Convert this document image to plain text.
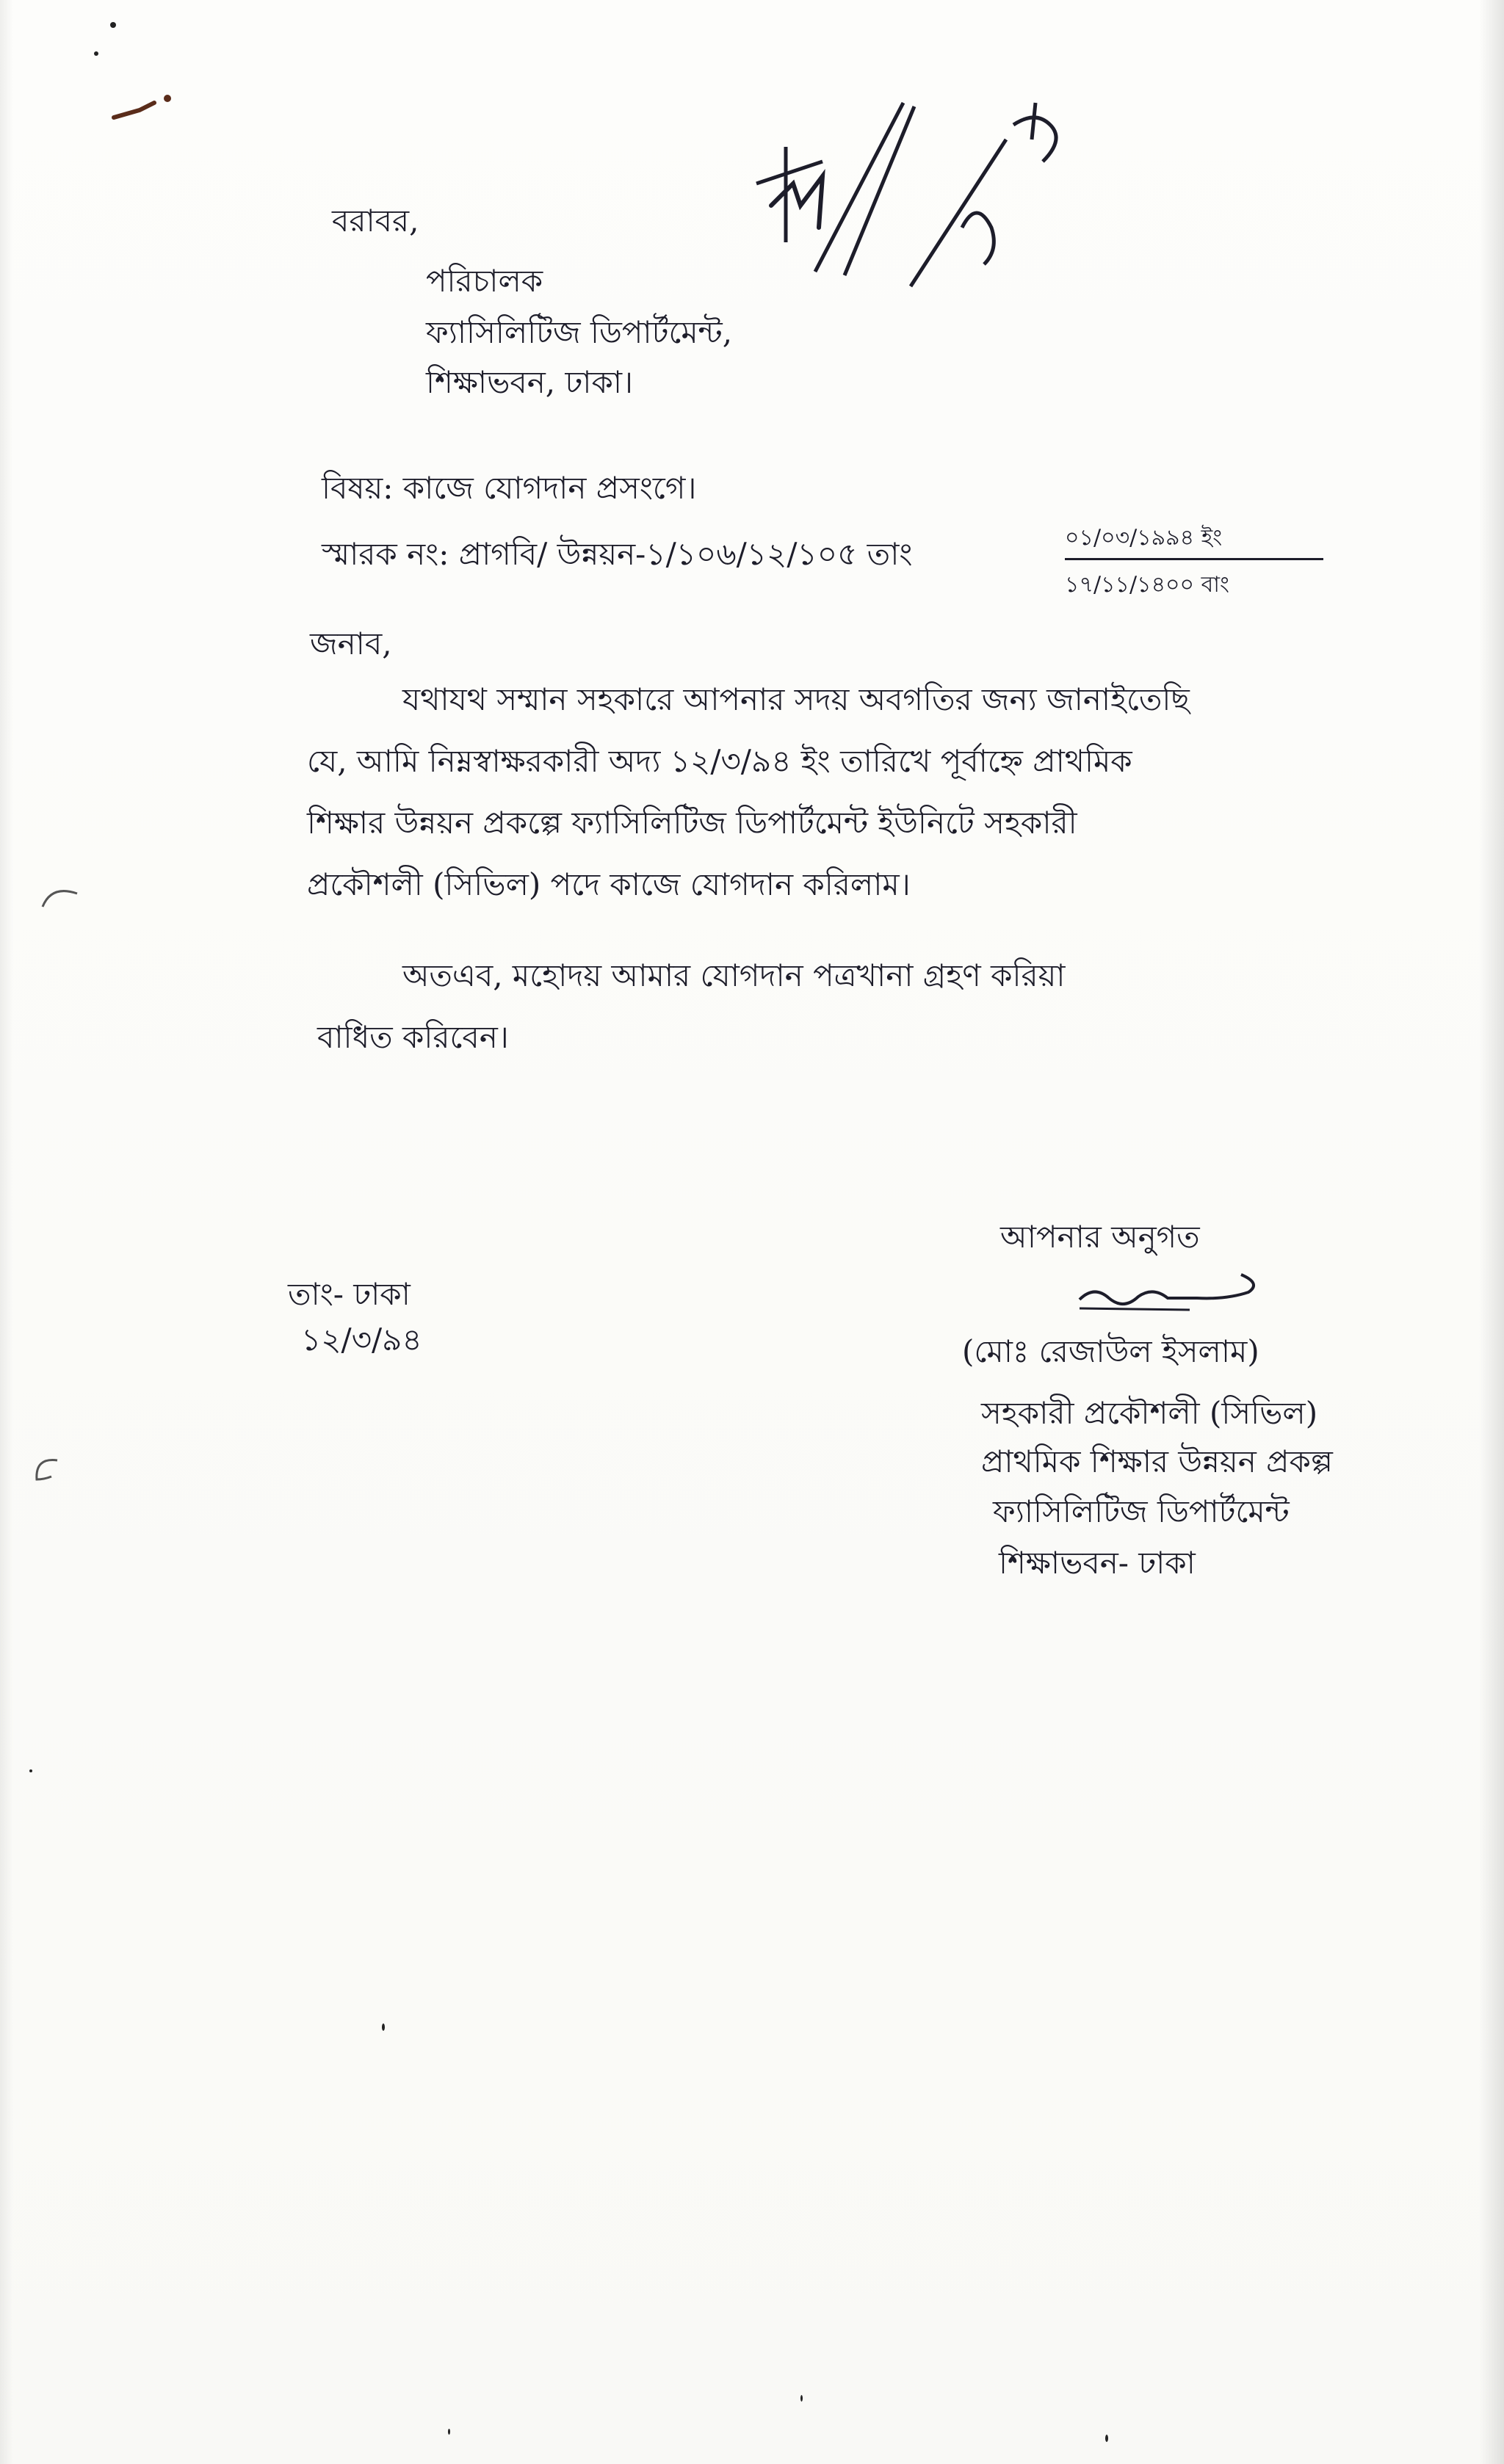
বরাবর,
পরিচালক
ফ্যাসিলিটিজ ডিপার্টমেন্ট,
শিক্ষাভবন, ঢাকা।
বিষয়: কাজে যোগদান প্রসংগে।
স্মারক নং: প্রাগবি/ উন্নয়ন-১/১০৬/১২/১০৫ তাং	০১/০৩/১৯৯৪ ইং
১৭/১১/১৪০০ বাং
জনাব,
যথাযথ সম্মান সহকারে আপনার সদয় অবগতির জন্য জানাইতেছি
যে, আমি নিম্নস্বাক্ষরকারী অদ্য ১২/৩/৯৪ ইং তারিখে পূর্বাহ্নে প্রাথমিক
শিক্ষার উন্নয়ন প্রকল্পে ফ্যাসিলিটিজ ডিপার্টমেন্ট ইউনিটে সহকারী
প্রকৌশলী (সিভিল) পদে কাজে যোগদান করিলাম।
অতএব, মহোদয় আমার যোগদান পত্রখানা গ্রহণ করিয়া
বাধিত করিবেন।
তাং- ঢাকা
১২/৩/৯৪
আপনার অনুগত
(মোঃ রেজাউল ইসলাম)
সহকারী প্রকৌশলী (সিভিল)
প্রাথমিক শিক্ষার উন্নয়ন প্রকল্প
ফ্যাসিলিটিজ ডিপার্টমেন্ট
শিক্ষাভবন- ঢাকা
